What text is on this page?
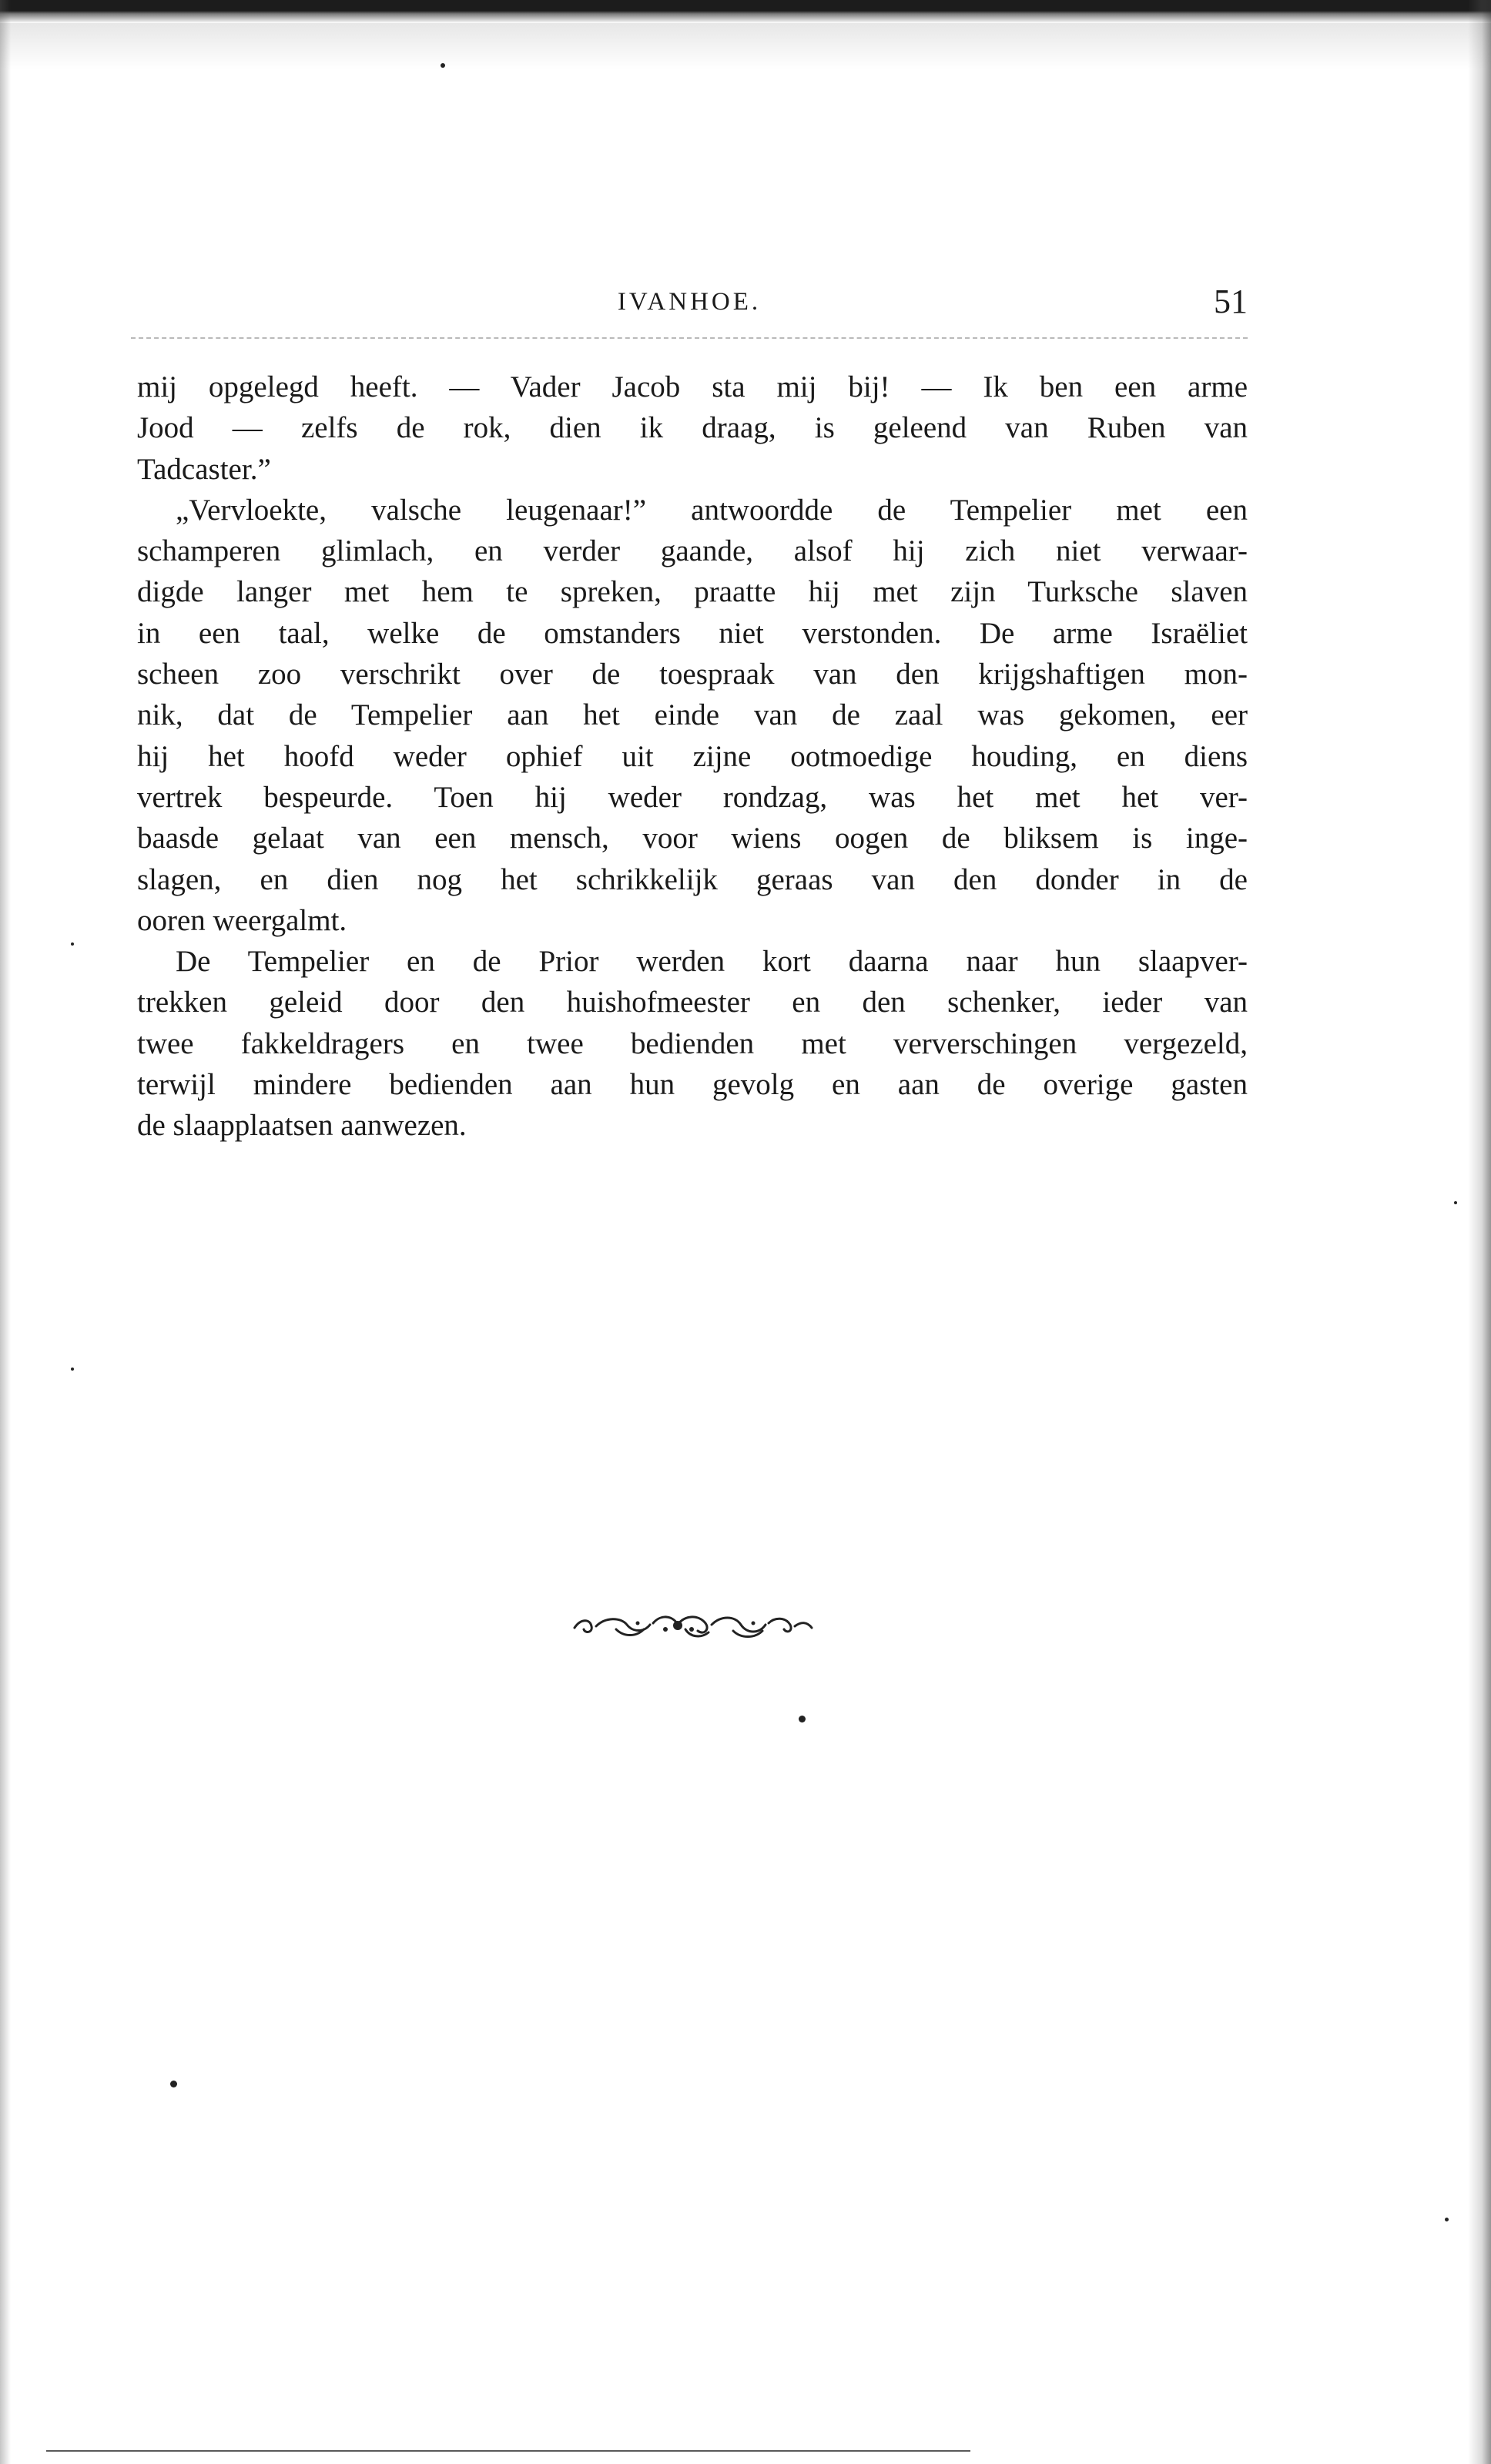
IVANHOE.	51
mij opgelegd heeft. — Vader Jacob sta mij bij! — Ik ben een arme
Jood — zelfs de rok, dien ik draag, is geleend van Ruben van
Tadcaster.”
„Vervloekte, valsche leugenaar!” antwoordde de Tempelier met een
schamperen glimlach, en verder gaande, alsof hij zich niet verwaar-
digde langer met hem te spreken, praatte hij met zijn Turksche slaven
in een taal, welke de omstanders niet verstonden. De arme Israëliet
scheen zoo verschrikt over de toespraak van den krijgshaftigen mon-
nik, dat de Tempelier aan het einde van de zaal was gekomen, eer
hij het hoofd weder ophief uit zijne ootmoedige houding, en diens
vertrek bespeurde. Toen hij weder rondzag, was het met het ver-
baasde gelaat van een mensch, voor wiens oogen de bliksem is inge-
slagen, en dien nog het schrikkelijk geraas van den donder in de
ooren weergalmt.
De Tempelier en de Prior werden kort daarna naar hun slaapver-
trekken geleid door den huishofmeester en den schenker, ieder van
twee fakkeldragers en twee bedienden met ververschingen vergezeld,
terwijl mindere bedienden aan hun gevolg en aan de overige gasten
de slaapplaatsen aanwezen.
